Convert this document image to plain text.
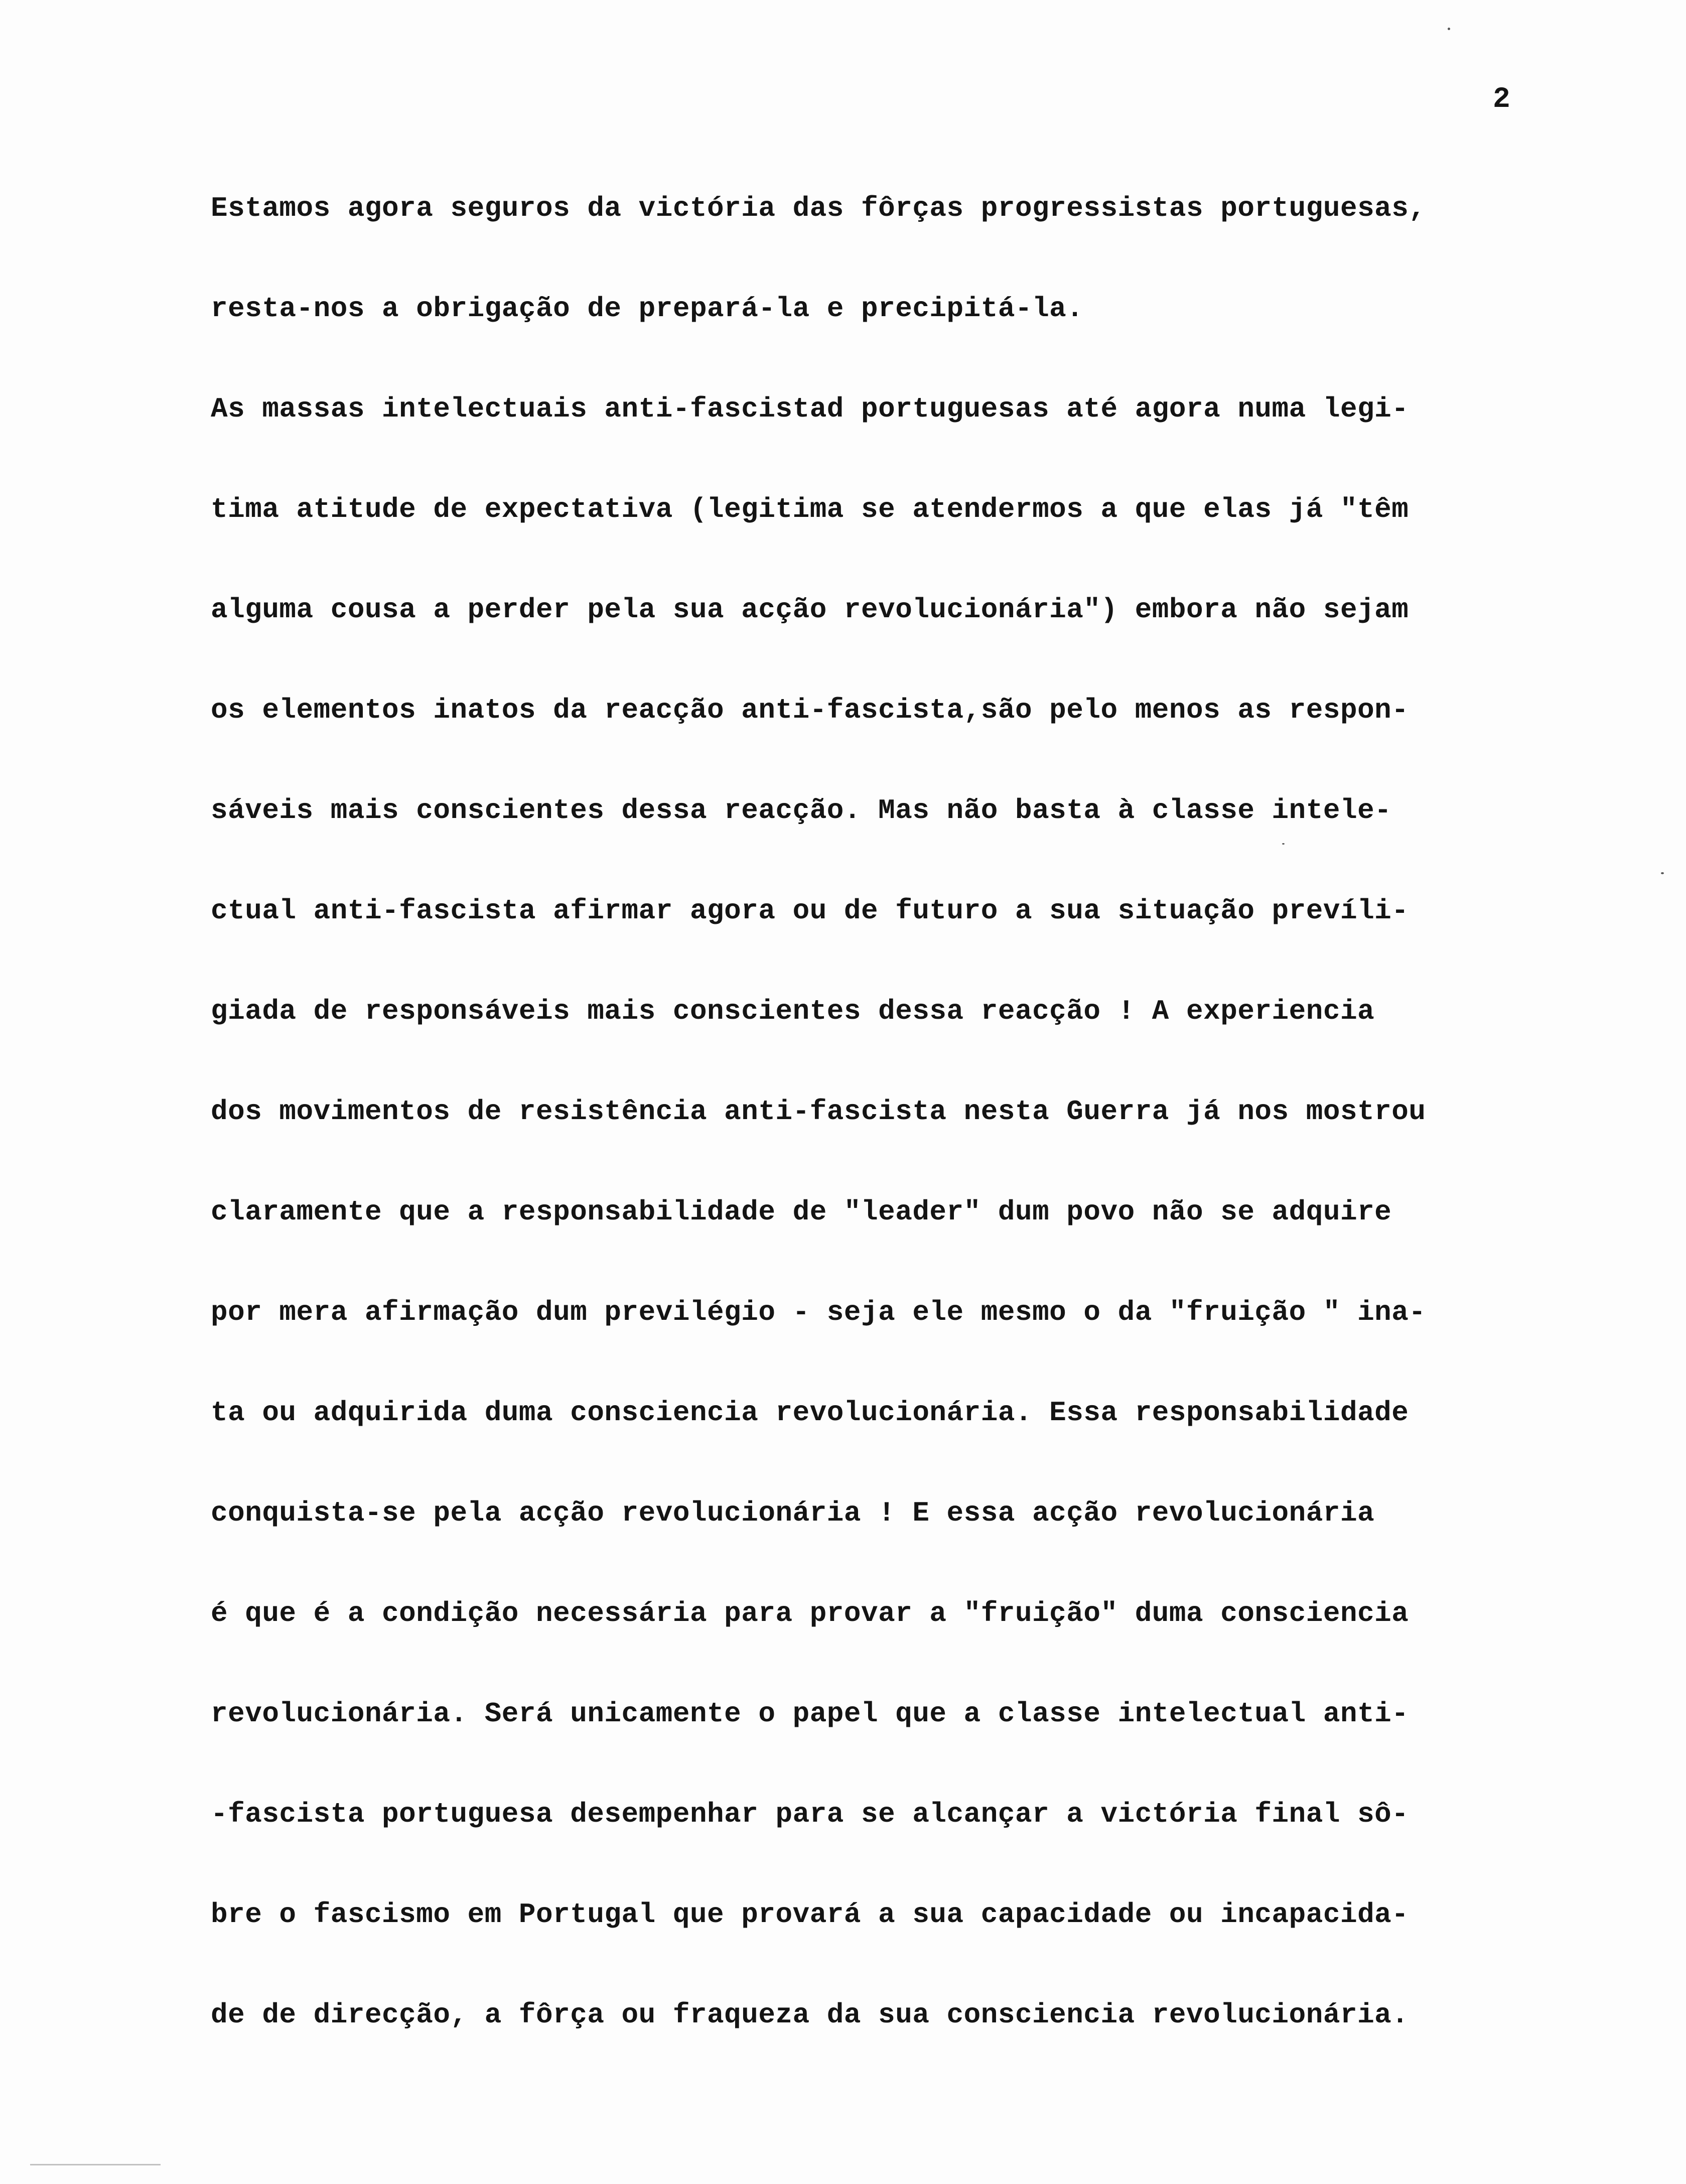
2
Estamos agora seguros da victória das fôrças progressistas portuguesas,
resta-nos a obrigação de prepará-la e precipitá-la.
As massas intelectuais anti-fascistad portuguesas até agora numa legi-
tima atitude de expectativa (legitima se atendermos a que elas já "têm
alguma cousa a perder pela sua acção revolucionária") embora não sejam
os elementos inatos da reacção anti-fascista,são pelo menos as respon-
sáveis mais conscientes dessa reacção. Mas não basta à classe intele-
ctual anti-fascista afirmar agora ou de futuro a sua situação prevíli-
giada de responsáveis mais conscientes dessa reacção ! A experiencia
dos movimentos de resistência anti-fascista nesta Guerra já nos mostrou
claramente que a responsabilidade de "leader" dum povo não se adquire
por mera afirmação dum previlégio - seja ele mesmo o da "fruição " ina-
ta ou adquirida duma consciencia revolucionária. Essa responsabilidade
conquista-se pela acção revolucionária ! E essa acção revolucionária
é que é a condição necessária para provar a "fruição" duma consciencia
revolucionária. Será unicamente o papel que a classe intelectual anti-
-fascista portuguesa desempenhar para se alcançar a victória final sô-
bre o fascismo em Portugal que provará a sua capacidade ou incapacida-
de de direcção, a fôrça ou fraqueza da sua consciencia revolucionária.
